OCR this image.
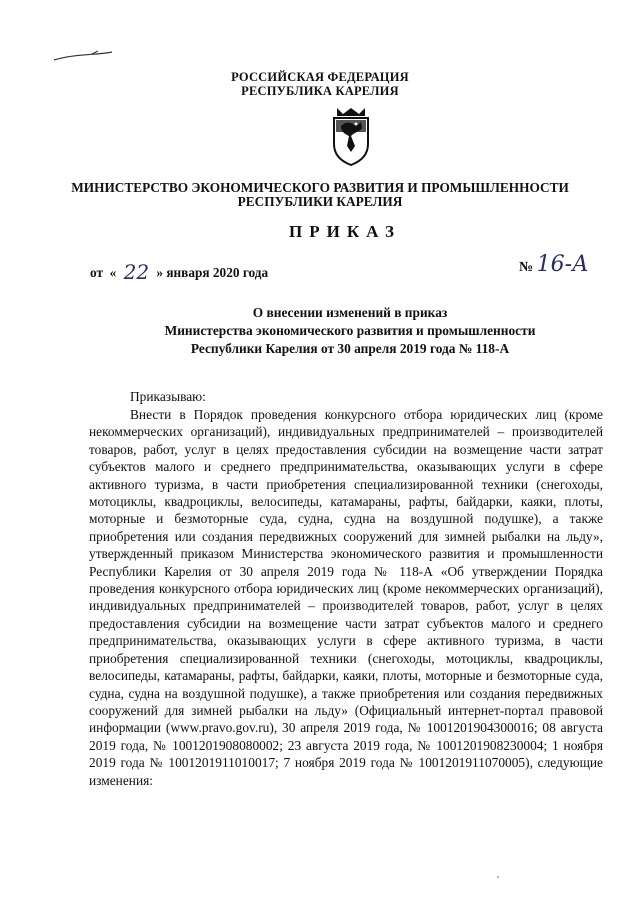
РОССИЙСКАЯ ФЕДЕРАЦИЯ
РЕСПУБЛИКА КАРЕЛИЯ
МИНИСТЕРСТВО ЭКОНОМИЧЕСКОГО РАЗВИТИЯ И ПРОМЫШЛЕННОСТИ
РЕСПУБЛИКИ КАРЕЛИЯ
ПРИКАЗ
от  « 22 » января 2020 года	№ 16-А
О внесении изменений в приказ
Министерства экономического развития и промышленности
Республики Карелия от 30 апреля 2019 года № 118-А
Приказываю:
Внести в Порядок проведения конкурсного отбора юридических лиц (кроме некоммерческих организаций), индивидуальных предпринимателей – производителей товаров, работ, услуг в целях предоставления субсидии на возмещение части затрат субъектов малого и среднего предпринимательства, оказывающих услуги в сфере активного туризма, в части приобретения специализированной техники (снегоходы, мотоциклы, квадроциклы, велосипеды, катамараны, рафты, байдарки, каяки, плоты, моторные и безмоторные суда, судна, судна на воздушной подушке), а также приобретения или создания передвижных сооружений для зимней рыбалки на льду», утвержденный приказом Министерства экономического развития и промышленности Республики Карелия от 30 апреля 2019 года № 118-А «Об утверждении Порядка проведения конкурсного отбора юридических лиц (кроме некоммерческих организаций), индивидуальных предпринимателей – производителей товаров, работ, услуг в целях предоставления субсидии на возмещение части затрат субъектов малого и среднего предпринимательства, оказывающих услуги в сфере активного туризма, в части приобретения специализированной техники (снегоходы, мотоциклы, квадроциклы, велосипеды, катамараны, рафты, байдарки, каяки, плоты, моторные и безмоторные суда, судна, судна на воздушной подушке), а также приобретения или создания передвижных сооружений для зимней рыбалки на льду» (Официальный интернет-портал правовой информации (www.pravo.gov.ru), 30 апреля 2019 года, № 1001201904300016; 08 августа 2019 года, № 1001201908080002; 23 августа 2019 года, № 1001201908230004; 1 ноября 2019 года № 1001201911010017; 7 ноября 2019 года № 1001201911070005), следующие изменения:
